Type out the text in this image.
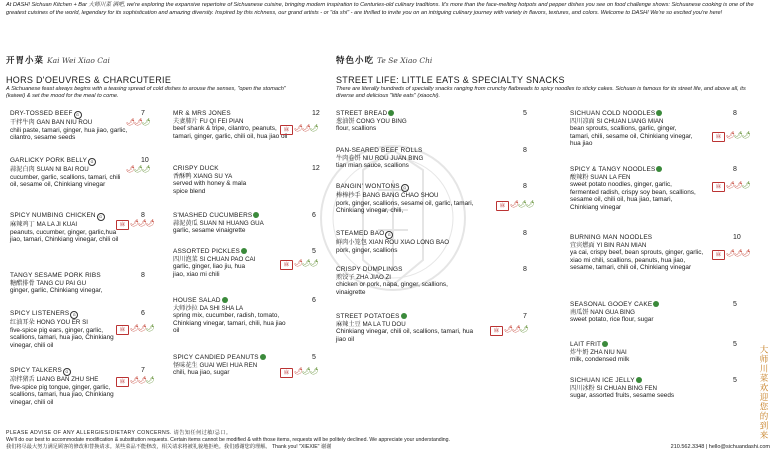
At DASH! Sichuan Kitchen + Bar 大师川菜 酒吧, we're exploring the expansive repertoire of Sichuanese cuisine, bringing modern inspiration to Centuries-old culinary traditions. It's more than the face-melting hotpots and pepper dishes you see on food challenge shows: Sichuanese cooking is one of the greatest cuisines of the world, legendary for its sophistication and amazing diversity. Inspired by this richness, our grand artists - or "da shi" - are thrilled to invite you on an intriguing culinary journey with variety in flavors, textures, and colors. Welcome to DASH! We're so excited you're here!
开胃小菜 Kai Wei Xiao Cai
HORS D'OEUVRES & CHARCUTERIE
A Sichuanese feast always begins with a teasing spread of cold dishes to arouse the senses, "open the stomach" (kaiwei) & set the mood for the meal to come.
特色小吃 Te Se Xiao Chi
STREET LIFE: LITTLE EATS & SPECIALTY SNACKS
There are literally hundreds of specialty snacks ranging from crunchy flatbreads to spicy noodles to sticky cakes. Sichuan is famous for its street life, and above all, its diverse and delicious "little eats" (xiaochi).
DRY-TOSSED BEEF G
干拌牛肉 GAN BAN NIU ROU
chili paste, tamari, ginger, hua jiao, garlic, cilantro, sesame seeds
7
🌶🌶🌶
GARLICKY PORK BELLY G
蒜泥白肉 SUAN NI BAI ROU
cucumber, garlic, scallions, tamari, chili oil, sesame oil, Chinkiang vinegar
10
🌶🌶🌶
SPICY NUMBING CHICKEN G
麻辣鸡丁 MA LA JI KUAI
peanuts, cucumber, ginger, garlic,hua jiao, tamari, Chinkiang vinegar, chili oil
8
麻 🌶🌶🌶
TANGY SESAME PORK RIBS
糖醋排骨 TANG CU PAI GU
ginger, garlic, Chinkiang vinegar,
8
SPICY LISTENERS G
红油耳朵 HONG YOU ER SI
five-spice pig ears, ginger, garlic, scallions, tamari, hua jiao, Chinkiang vinegar, chili oil
6
麻 🌶🌶🌶
SPICY TALKERS G
凉拌猪舌 LIANG BAN ZHU SHE
five-spice pig tongue, ginger, garlic, scallions, tamari, hua jiao, Chinkiang vinegar, chili oil
7
麻 🌶🌶🌶
MR & MRS JONES
夫妻肺片 FU QI FEI PIAN
beef shank & tripe, cilantro, peanuts, tamari, ginger, garlic, chili oil, hua jiao oil
12
麻 🌶🌶🌶
CRISPY DUCK
香酥鸭 XIANG SU YA
served with honey & mala spice blend
12
S'MASHED CUCUMBERS
蒜泥黄瓜 SUAN NI HUANG GUA
garlic, sesame vinaigrette
6
ASSORTED PICKLES
四川泡菜 SI CHUAN PAO CAI
garlic, ginger, liao jiu, hua jiao, xiao mi chili
5
麻 🌶🌶🌶
HOUSE SALAD
大师沙拉 DA SHI SHA LA
spring mix, cucumber, radish, tomato, Chinkiang vinegar, tamari, chili, hua jiao oil
6
SPICY CANDIED PEANUTS
怪味花生 GUAI WEI HUA REN
chili, hua jiao, sugar
5
麻 🌶🌶🌶
STREET BREAD
葱油饼 CONG YOU BING
flour, scallions
5
PAN-SEARED BEEF ROLLS
牛肉卷饼 NIU ROU JUAN BING
tian mian sauce, scallions
8
BANGIN' WONTONS G
棒棒抄手 BANG BANG CHAO SHOU
pork, ginger, scallions, sesame oil, garlic, tamari, Chinkiang vinegar, chili,
8
麻 🌶🌶🌶
STEAMED BAO G
鲜肉小笼包 XIAN ROU XIAO LONG BAO
pork, ginger, scallions
8
CRISPY DUMPLINGS
煎饺子 ZHA JIAO ZI
chicken or pork, napa, ginger, scallions, vinaigrette
8
STREET POTATOES
麻辣土豆 MA LA TU DOU
Chinkiang vinegar, chili oil, scallions, tamari, hua jiao oil
7
麻 🌶🌶🌶
SICHUAN COLD NOODLES
四川凉面 SI CHUAN LIANG MIAN
bean sprouts, scallions, garlic, ginger, tamari, chili, sesame oil, Chinkiang vinegar, hua jiao
8
麻 🌶🌶🌶
SPICY & TANGY NOODLES
酸辣粉 SUAN LA FEN
sweet potato noodles, ginger, garlic, fermented radish, crispy soy bean, scallions, sesame oil, chili oil, hua jiao, tamari, Chinkiang vinegar
8
麻 🌶🌶🌶
BURNING MAN NOODLES
宜宾燃面 YI BIN RAN MIAN
ya cai, crispy beef, bean sprouts, ginger, garlic, xiao mi chili, scallions, peanuts, hua jiao, sesame, tamari, chili oil, Chinkiang vinegar
10
麻 🌶🌶🌶
SEASONAL GOOEY CAKE
南瓜饼 NAN GUA BING
sweet potato, rice flour, sugar
5
LAIT FRIT
炸牛奶 ZHA NIU NAI
milk, condensed milk
5
SICHUAN ICE JELLY
四川冰粉 SI CHUAN BING FEN
sugar, assorted fruits, sesame seeds
5	大师川菜欢迎您的到来
PLEASE ADVISE OF ANY ALLERGIES/DIETARY CONCERNS. 请告知任何过敏/忌口。
We'll do our best to accommodate modification & substitution requests. Certain items cannot be modified & with those items, requests will be politely declined. We appreciate your understanding.
我们将尽最大努力满足顾客的修改和替换请求。某些菜品不能修改，相关请求将被礼貌地拒绝。我们感谢您的理解。 Thank you! "XIEXIE" 谢谢	210.562.3348 | hello@sichuandashi.com
